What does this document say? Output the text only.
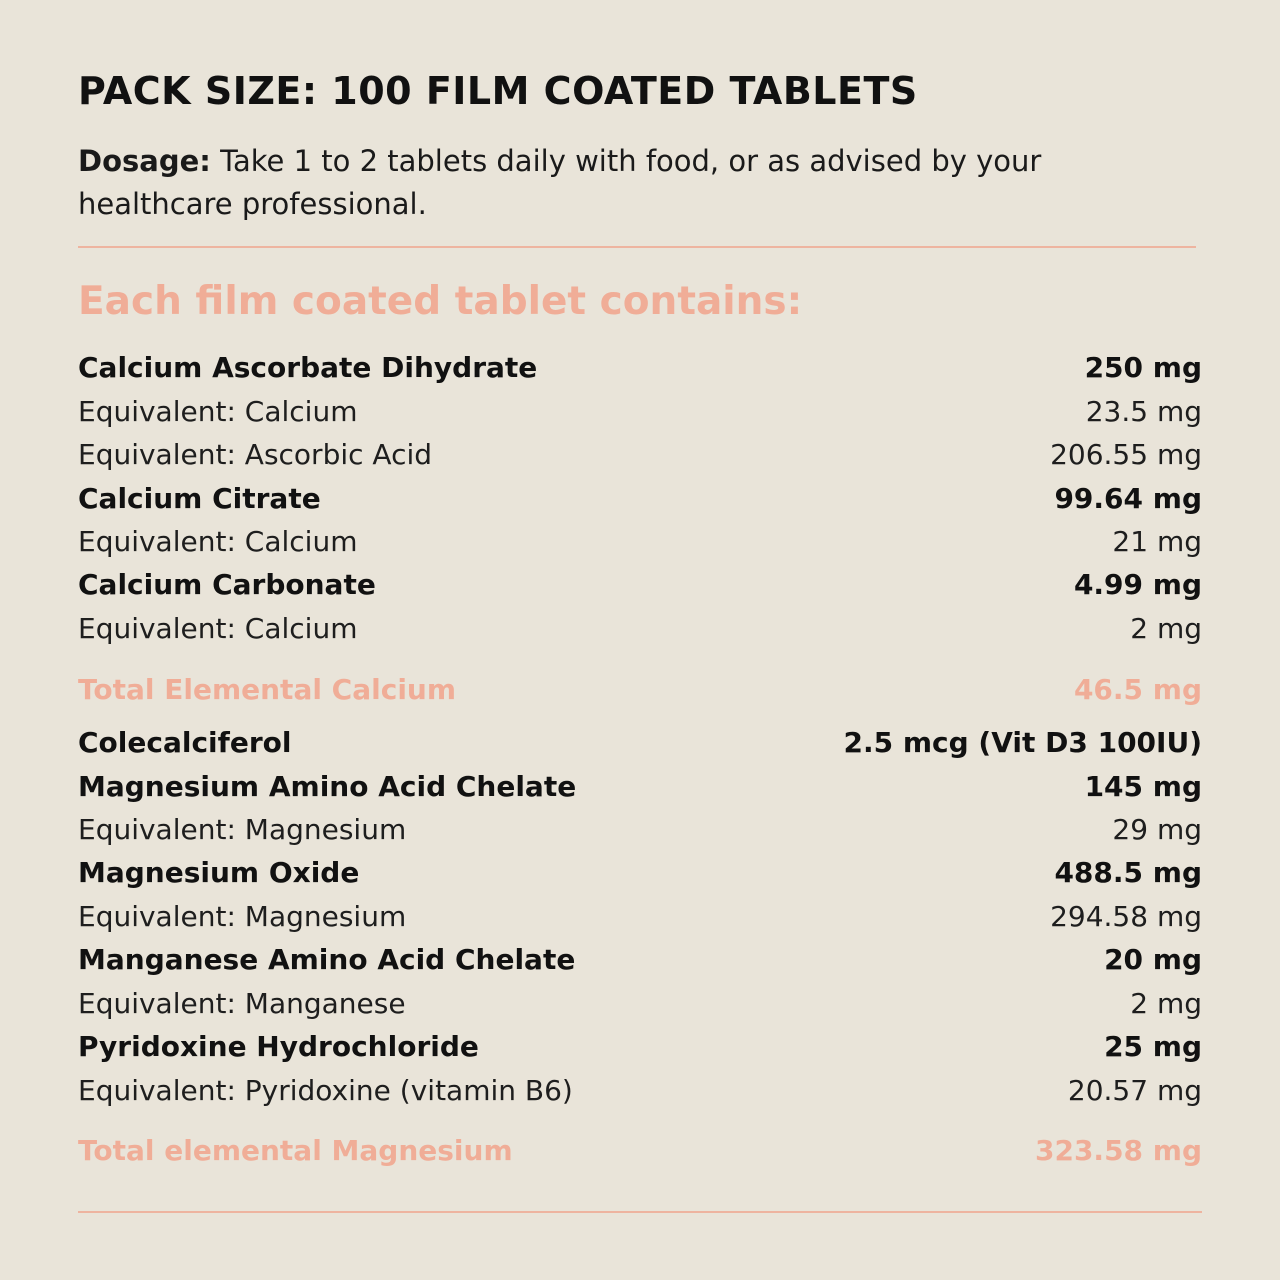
PACK SIZE: 100 FILM COATED TABLETS

Dosage: Take 1 to 2 tablets daily with food, or as advised by your healthcare professional.

Each film coated tablet contains:
Calcium Ascorbate Dihydrate	250 mg
Equivalent: Calcium	23.5 mg
Equivalent: Ascorbic Acid	206.55 mg
Calcium Citrate	99.64 mg
Equivalent: Calcium	21 mg
Calcium Carbonate	4.99 mg
Equivalent: Calcium	2 mg
Total Elemental Calcium	46.5 mg
Colecalciferol	2.5 mcg (Vit D3 100IU)
Magnesium Amino Acid Chelate	145 mg
Equivalent: Magnesium	29 mg
Magnesium Oxide	488.5 mg
Equivalent: Magnesium	294.58 mg
Manganese Amino Acid Chelate	20 mg
Equivalent: Manganese	2 mg
Pyridoxine Hydrochloride	25 mg
Equivalent: Pyridoxine (vitamin B6)	20.57 mg
Total elemental Magnesium	323.58 mg
